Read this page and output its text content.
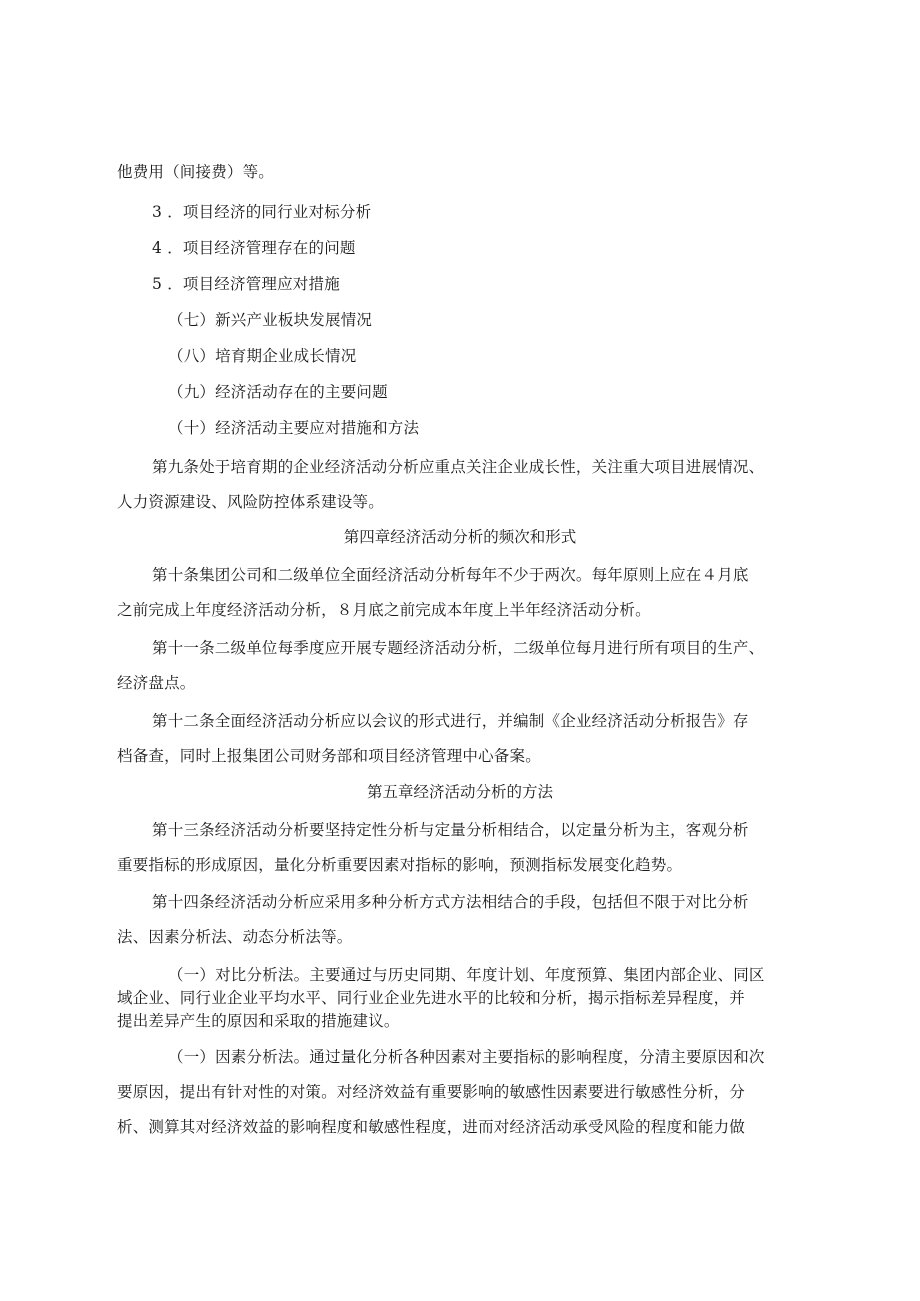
他费用（间接费）等。

3 ．项目经济的同行业对标分析

4 ．项目经济管理存在的问题

5 ．项目经济管理应对措施

（七）新兴产业板块发展情况

（八）培育期企业成长情况

（九）经济活动存在的主要问题

（十）经济活动主要应对措施和方法

第九条处于培育期的企业经济活动分析应重点关注企业成长性，关注重大项目进展情况、

人力资源建设、风险防控体系建设等。

第四章经济活动分析的频次和形式

第十条集团公司和二级单位全面经济活动分析每年不少于两次。每年原则上应在４月底

之前完成上年度经济活动分析，８月底之前完成本年度上半年经济活动分析。

第十一条二级单位每季度应开展专题经济活动分析，二级单位每月进行所有项目的生产、

经济盘点。

第十二条全面经济活动分析应以会议的形式进行，并编制《企业经济活动分析报告》存

档备查，同时上报集团公司财务部和项目经济管理中心备案。

第五章经济活动分析的方法

第十三条经济活动分析要坚持定性分析与定量分析相结合，以定量分析为主，客观分析

重要指标的形成原因，量化分析重要因素对指标的影响，预测指标发展变化趋势。

第十四条经济活动分析应采用多种分析方式方法相结合的手段，包括但不限于对比分析

法、因素分析法、动态分析法等。

（一）对比分析法。主要通过与历史同期、年度计划、年度预算、集团内部企业、同区

域企业、同行业企业平均水平、同行业企业先进水平的比较和分析，揭示指标差异程度，并

提出差异产生的原因和采取的措施建议。

（一）因素分析法。通过量化分析各种因素对主要指标的影响程度，分清主要原因和次

要原因，提出有针对性的对策。对经济效益有重要影响的敏感性因素要进行敏感性分析，分

析、测算其对经济效益的影响程度和敏感性程度，进而对经济活动承受风险的程度和能力做
